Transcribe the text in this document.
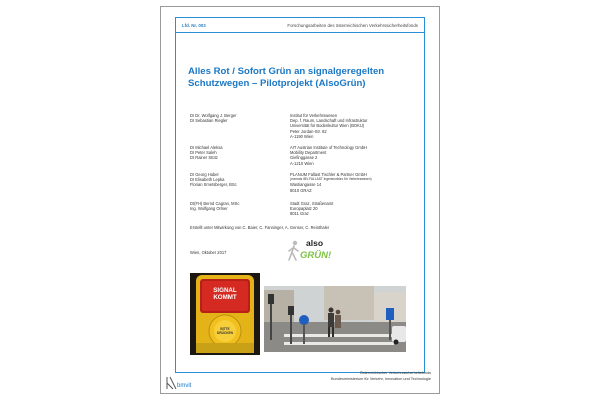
Lfd. Nr. 003	Forschungsarbeiten des österreichischen Verkehrssicherheitsfonds
Alles Rot / Sofort Grün an signalgeregelten
Schutzwegen – Pilotprojekt (AlsoGrün)
DI Dr. Wolfgang J. Berger
DI Sebastian Riegler
Institut für Verkehrswesen
Dep. f. Raum, Landschaft und Infrastruktur
Universität für Bodenkultur Wien (BOKU)
Peter Jordan-Str. 82
A-1190 Wien
DI Michael Aleksa
DI Peter Saleh
DI Rainer Stütz
AIT Austrian Institute of Technology GmbH
Mobility Department
Giefinggasse 2
A-1210 Wien
DI Georg Huber
DI Elisabeth Lepka
Florian Smetsberger, BSc
PLANUM Fallast Tischler & Partner GmbH
(vormals IBV-FALLAST Ingenieurbüro für Verkehrswesen)
Wastiangasse 14
8010 GRAZ
DI(FH) Bernd Cagran, MSc
Ing. Wolfgang Orlner
Stadt Graz, Straßenamt
Europaplatz 20
8011 Graz
Erstellt unter Mitwirkung von C. Baier, C. Fanninger, A. Genser, C. Reinthaler
Wien, Oktober 2017
also
GRÜN!
SIGNAL
KOMMT
BITTE
DRÜCKEN
bmvit
Österreichischer Verkehrssicherheitsfonds
Bundesministerium für Verkehr, Innovation und Technologie
